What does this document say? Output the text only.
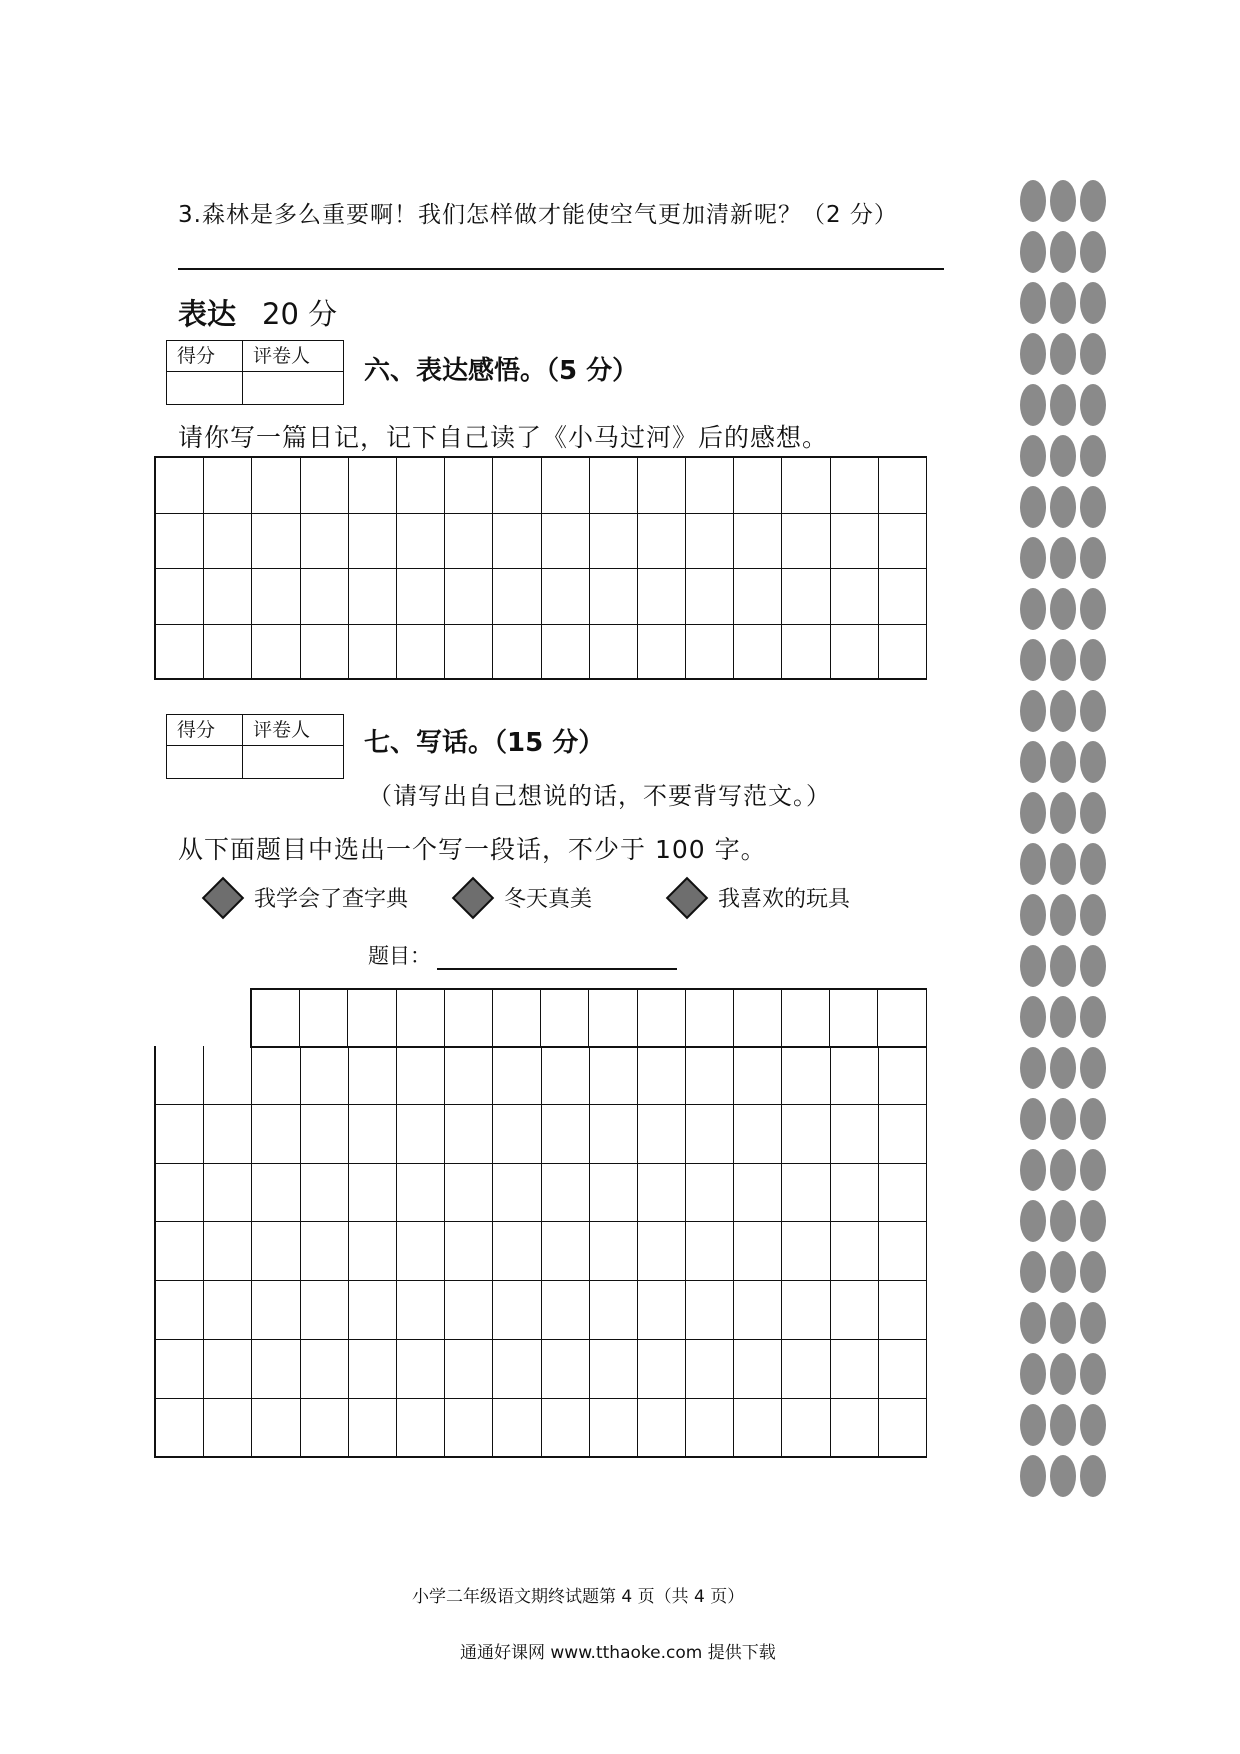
3.森林是多么重要啊！我们怎样做才能使空气更加清新呢？（2 分）
表达 20 分
得分	评卷人
	六、表达感悟。（5 分）
请你写一篇日记，记下自己读了《小马过河》后的感想。
得分	评卷人
	七、写话。（15 分）
（请写出自己想说的话，不要背写范文。）
从下面题目中选出一个写一段话，不少于 100 字。
我学会了查字典	冬天真美	我喜欢的玩具
题目：
小学二年级语文期终试题第 4 页（共 4 页）
通通好课网 www.tthaoke.com 提供下载
